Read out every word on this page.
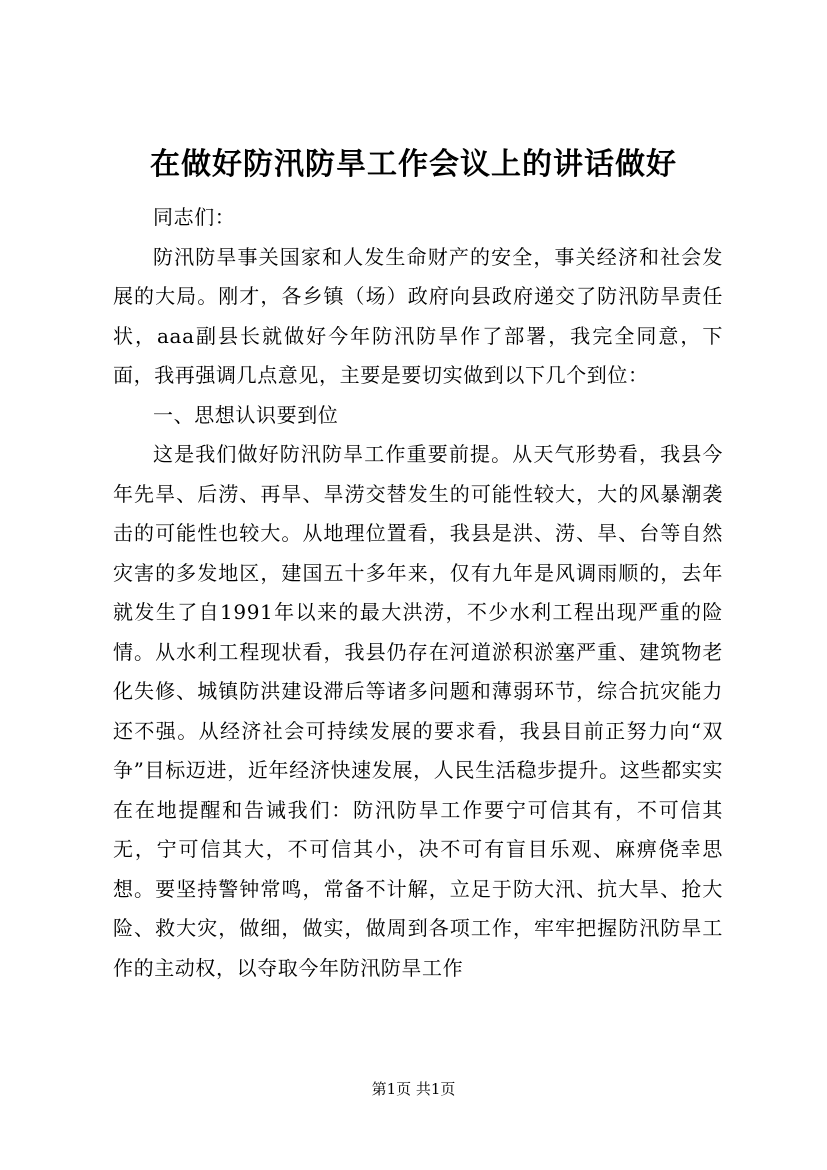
在做好防汛防旱工作会议上的讲话做好

同志们：

防汛防旱事关国家和人发生命财产的安全，事关经济和社会发展的大局。刚才，各乡镇（场）政府向县政府递交了防汛防旱责任状，aaa副县长就做好今年防汛防旱作了部署，我完全同意，下面，我再强调几点意见，主要是要切实做到以下几个到位：

一、思想认识要到位

这是我们做好防汛防旱工作重要前提。从天气形势看，我县今年先旱、后涝、再旱、旱涝交替发生的可能性较大，大的风暴潮袭击的可能性也较大。从地理位置看，我县是洪、涝、旱、台等自然灾害的多发地区，建国五十多年来，仅有九年是风调雨顺的，去年就发生了自1991年以来的最大洪涝，不少水利工程出现严重的险情。从水利工程现状看，我县仍存在河道淤积淤塞严重、建筑物老化失修、城镇防洪建设滞后等诸多问题和薄弱环节，综合抗灾能力还不强。从经济社会可持续发展的要求看，我县目前正努力向“双争”目标迈进，近年经济快速发展，人民生活稳步提升。这些都实实在在地提醒和告诫我们：防汛防旱工作要宁可信其有，不可信其无，宁可信其大，不可信其小，决不可有盲目乐观、麻痹侥幸思想。要坚持警钟常鸣，常备不计解，立足于防大汛、抗大旱、抢大险、救大灾，做细，做实，做周到各项工作，牢牢把握防汛防旱工作的主动权，以夺取今年防汛防旱工作

第1页 共1页
